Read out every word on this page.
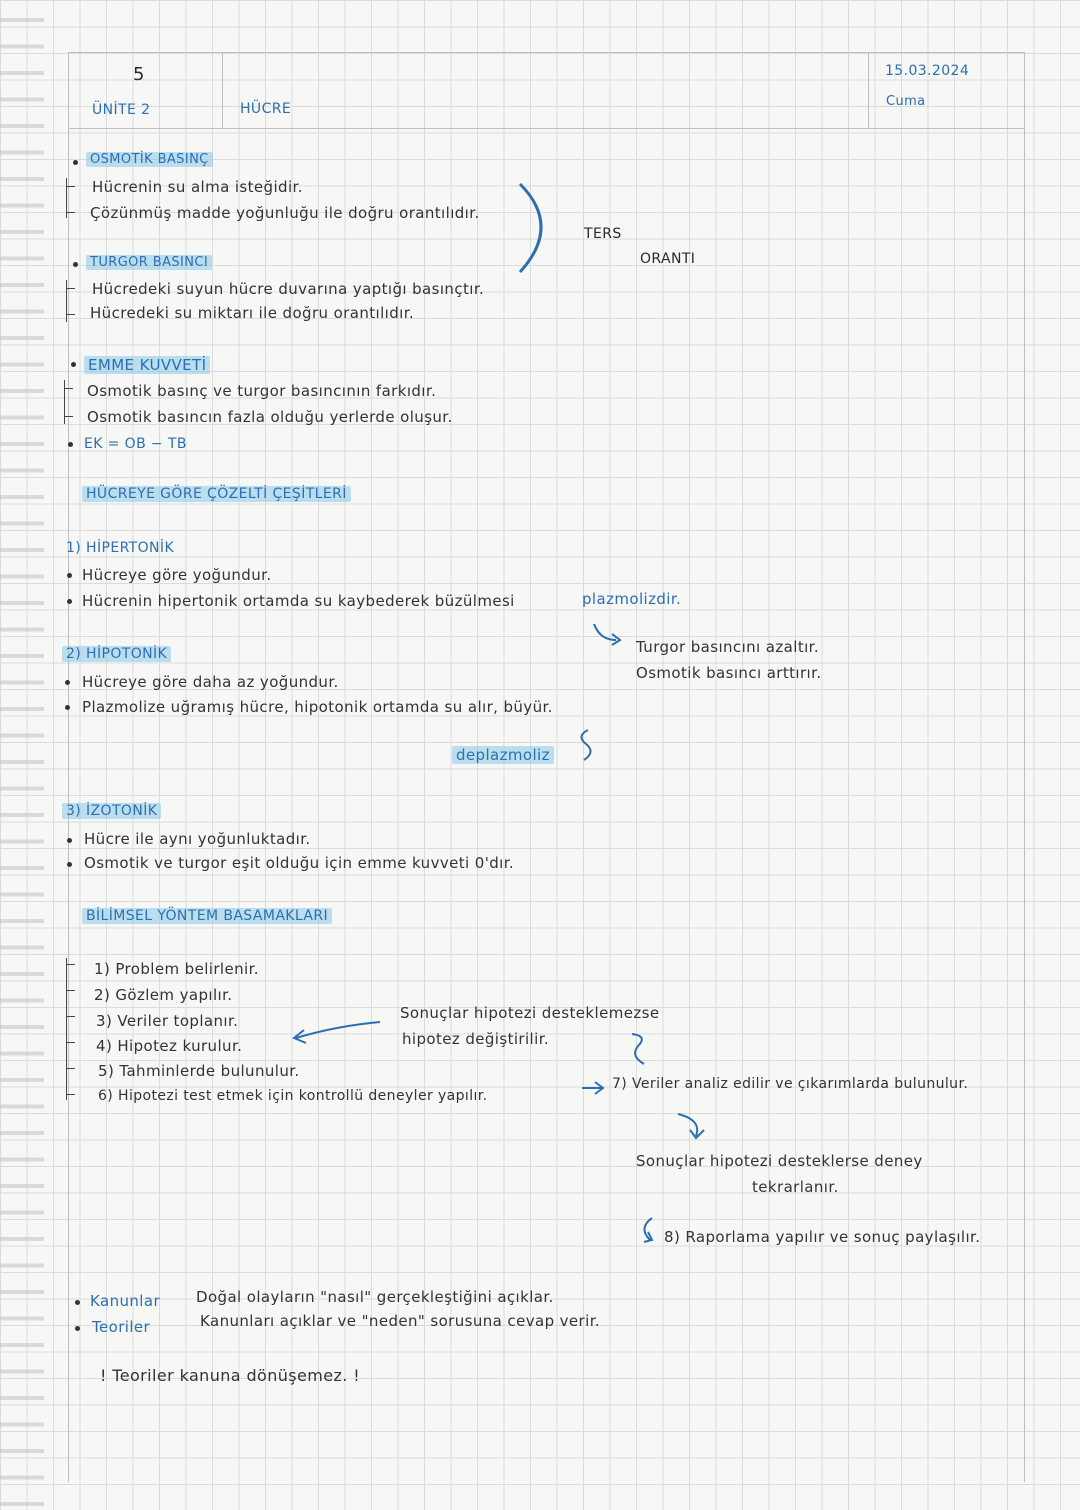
5
ÜNİTE 2	HÜCRE
15.03.2024
Cuma
OSMOTİK BASINÇ
Hücrenin su alma isteğidir.
Çözünmüş madde yoğunluğu ile doğru orantılıdır.
TERS
ORANTI
TURGOR BASINCI
Hücredeki suyun hücre duvarına yaptığı basınçtır.
Hücredeki su miktarı ile doğru orantılıdır.
EMME KUVVETİ
Osmotik basınç ve turgor basıncının farkıdır.
Osmotik basıncın fazla olduğu yerlerde oluşur.
EK = OB − TB
HÜCREYE GÖRE ÇÖZELTİ ÇEŞİTLERİ
1) HİPERTONİK
Hücreye göre yoğundur.
Hücrenin hipertonik ortamda su kaybederek büzülmesi	plazmolizdir.
Turgor basıncını azaltır.
Osmotik basıncı arttırır.
2) HİPOTONİK
Hücreye göre daha az yoğundur.
Plazmolize uğramış hücre, hipotonik ortamda su alır, büyür.
deplazmoliz
3) İZOTONİK
Hücre ile aynı yoğunluktadır.
Osmotik ve turgor eşit olduğu için emme kuvveti 0'dır.
BİLİMSEL YÖNTEM BASAMAKLARI
1) Problem belirlenir.
2) Gözlem yapılır.
3) Veriler toplanır.
4) Hipotez kurulur.
5) Tahminlerde bulunulur.
6) Hipotezi test etmek için kontrollü deneyler yapılır.
Sonuçlar hipotezi desteklemezse
hipotez değiştirilir.
7) Veriler analiz edilir ve çıkarımlarda bulunulur.
Sonuçlar hipotezi desteklerse deney
tekrarlanır.
8) Raporlama yapılır ve sonuç paylaşılır.
Kanunlar Doğal olayların "nasıl" gerçekleştiğini açıklar.
Teoriler	Kanunları açıklar ve "neden" sorusuna cevap verir.
! Teoriler kanuna dönüşemez. !
